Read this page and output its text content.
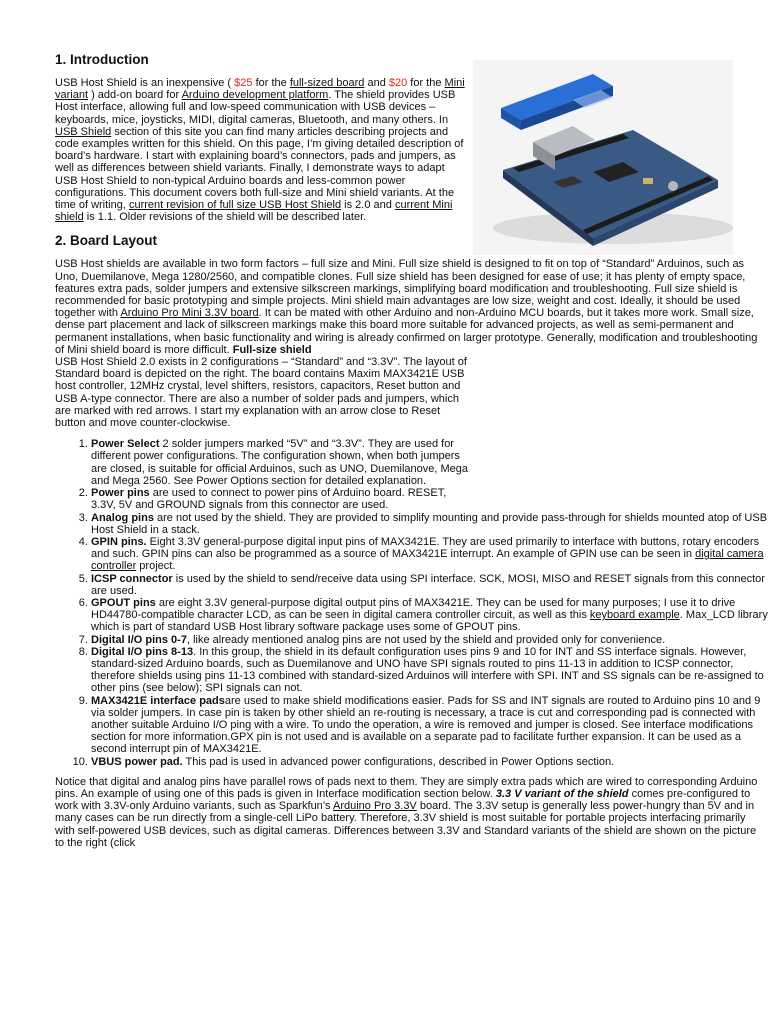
1. Introduction

USB Host Shield is an inexpensive ( $25 for the full-sized board and $20 for the Mini variant ) add-on board for Arduino development platform. The shield provides USB Host interface, allowing full and low-speed communication with USB devices – keyboards, mice, joysticks, MIDI, digital cameras, Bluetooth, and many others. In USB Shield section of this site you can find many articles describing projects and code examples written for this shield. On this page, I’m giving detailed description of board’s hardware. I start with explaining board’s connectors, pads and jumpers, as well as differences between shield variants. Finally, I demonstrate ways to adapt USB Host Shield to non-typical Arduino boards and less-common power configurations. This document covers both full-size and Mini shield variants. At the time of writing, current revision of full size USB Host Shield is 2.0 and current Mini shield is 1.1. Older revisions of the shield will be described later.

2. Board Layout

USB Host shields are available in two form factors – full size and Mini. Full size shield is designed to fit on top of “Standard” Arduinos, such as Uno, Duemilanove, Mega 1280/2560, and compatible clones. Full size shield has been designed for ease of use; it has plenty of empty space, features extra pads, solder jumpers and extensive silkscreen markings, simplifying board modification and troubleshooting. Full size shield is recommended for basic prototyping and simple projects. Mini shield main advantages are low size, weight and cost. Ideally, it should be used together with Arduino Pro Mini 3.3V board. It can be mated with other Arduino and non-Arduino MCU boards, but it takes more work. Small size, dense part placement and lack of silkscreen markings make this board more suitable for advanced projects, as well as semi-permanent and permanent installations, when basic functionality and wiring is already confirmed on larger prototype. Generally, modification and troubleshooting of Mini shield board is more difficult. Full-size shield

USB Host Shield 2.0 exists in 2 configurations – “Standard” and “3.3V”. The layout of Standard board is depicted on the right. The board contains Maxim MAX3421E USB host controller, 12MHz crystal, level shifters, resistors, capacitors, Reset button and USB A-type connector. There are also a number of solder pads and jumpers, which are marked with red arrows. I start my explanation with an arrow close to Reset button and move counter-clockwise.

1. Power Select 2 solder jumpers marked “5V” and “3.3V”. They are used for different power configurations. The configuration shown, when both jumpers are closed, is suitable for official Arduinos, such as UNO, Duemilanove, Mega and Mega 2560. See Power Options section for detailed explanation.
2. Power pins are used to connect to power pins of Arduino board. RESET, 3.3V, 5V and GROUND signals from this connector are used.
3. Analog pins are not used by the shield. They are provided to simplify mounting and provide pass-through for shields mounted atop of USB Host Shield in a stack.
4. GPIN pins. Eight 3.3V general-purpose digital input pins of MAX3421E. They are used primarily to interface with buttons, rotary encoders and such. GPIN pins can also be programmed as a source of MAX3421E interrupt. An example of GPIN use can be seen in digital camera controller project.
5. ICSP connector is used by the shield to send/receive data using SPI interface. SCK, MOSI, MISO and RESET signals from this connector are used.
6. GPOUT pins are eight 3.3V general-purpose digital output pins of MAX3421E. They can be used for many purposes; I use it to drive HD44780-compatible character LCD, as can be seen in digital camera controller circuit, as well as this keyboard example. Max_LCD library which is part of standard USB Host library software package uses some of GPOUT pins.
7. Digital I/O pins 0-7, like already mentioned analog pins are not used by the shield and provided only for convenience.
8. Digital I/O pins 8-13. In this group, the shield in its default configuration uses pins 9 and 10 for INT and SS interface signals. However, standard-sized Arduino boards, such as Duemilanove and UNO have SPI signals routed to pins 11-13 in addition to ICSP connector, therefore shields using pins 11-13 combined with standard-sized Arduinos will interfere with SPI. INT and SS signals can be re-assigned to other pins (see below); SPI signals can not.
9. MAX3421E interface padsare used to make shield modifications easier. Pads for SS and INT signals are routed to Arduino pins 10 and 9 via solder jumpers. In case pin is taken by other shield an re-routing is necessary, a trace is cut and corresponding pad is connected with another suitable Arduino I/O ping with a wire. To undo the operation, a wire is removed and jumper is closed. See interface modifications section for more information.GPX pin is not used and is available on a separate pad to facilitate further expansion. It can be used as a second interrupt pin of MAX3421E.
10. VBUS power pad. This pad is used in advanced power configurations, described in Power Options section.

Notice that digital and analog pins have parallel rows of pads next to them. They are simply extra pads which are wired to corresponding Arduino pins. An example of using one of this pads is given in Interface modification section below. 3.3 V variant of the shield comes pre-configured to work with 3.3V-only Arduino variants, such as Sparkfun’s Arduino Pro 3.3V board. The 3.3V setup is generally less power-hungry than 5V and in many cases can be run directly from a single-cell LiPo battery. Therefore, 3.3V shield is most suitable for portable projects interfacing primarily with self-powered USB devices, such as digital cameras. Differences between 3.3V and Standard variants of the shield are shown on the picture to the right (click
